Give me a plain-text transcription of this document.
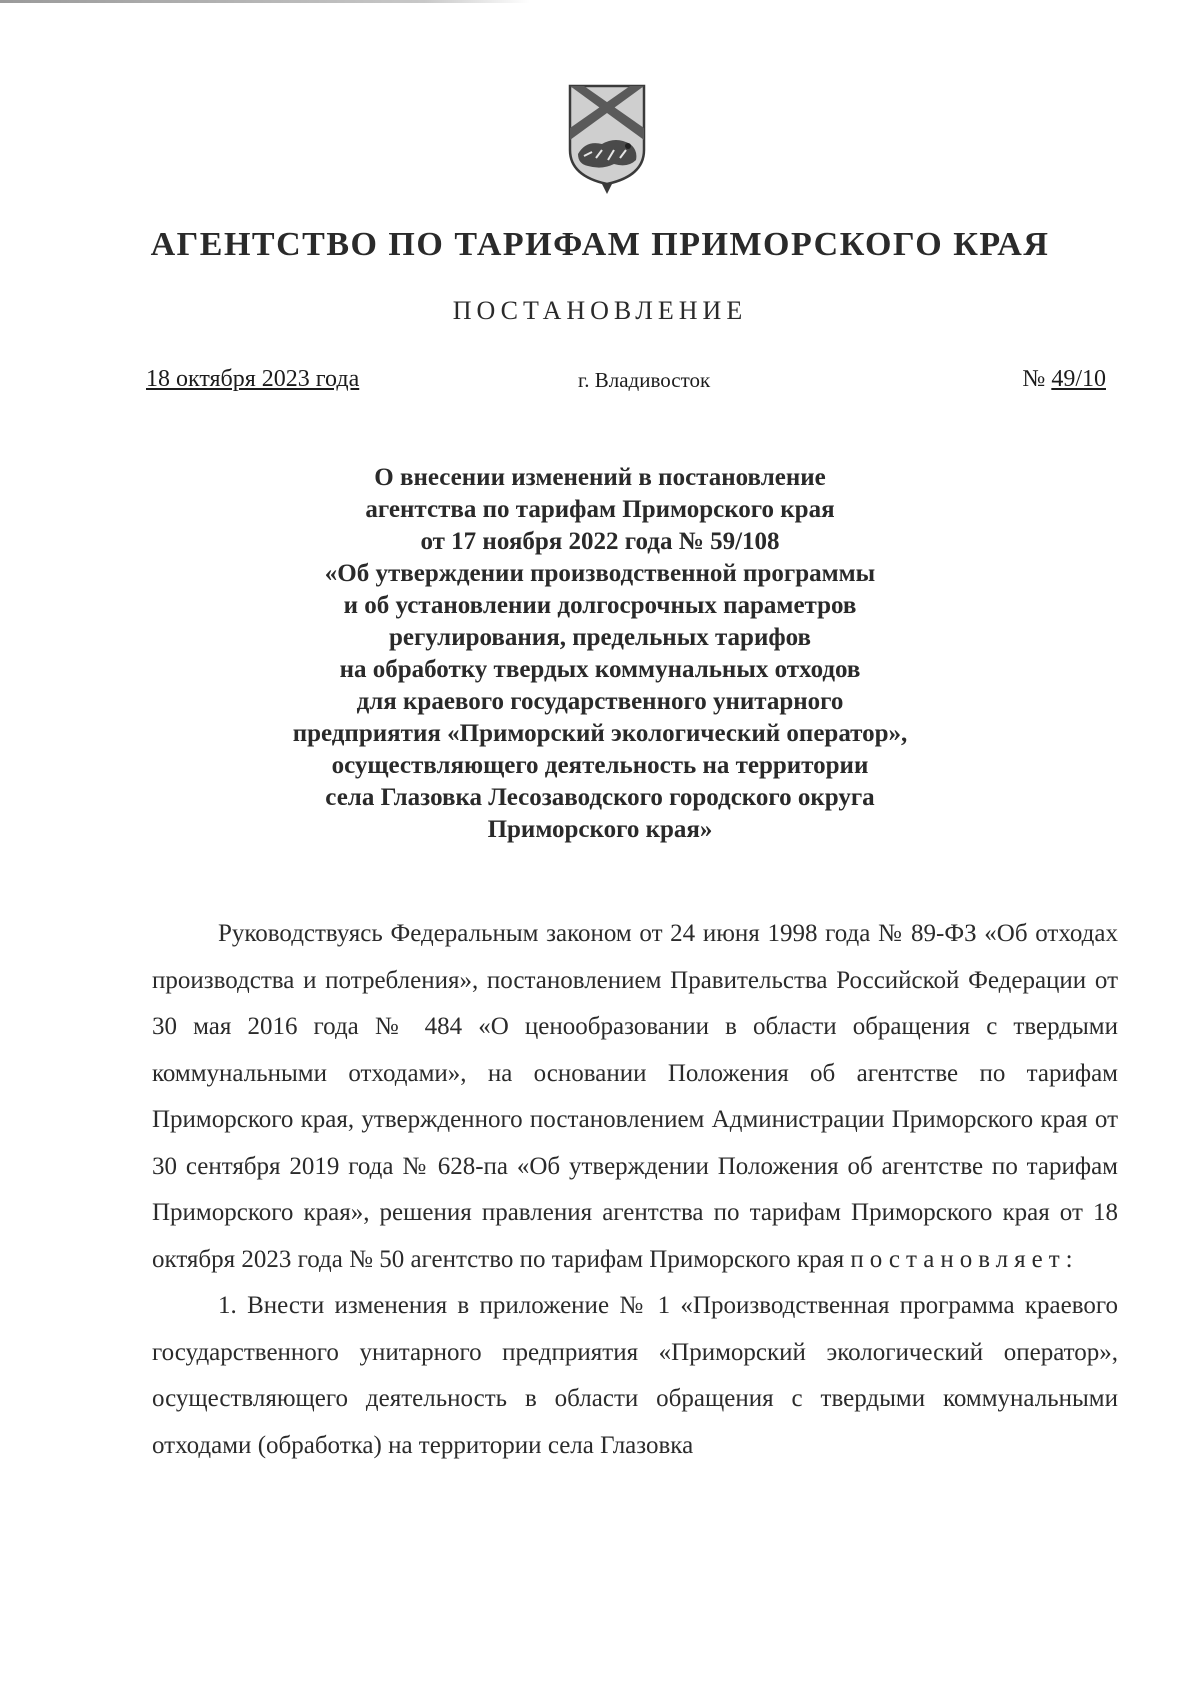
АГЕНТСТВО ПО ТАРИФАМ ПРИМОРСКОГО КРАЯ
ПОСТАНОВЛЕНИЕ
18 октября 2023 года	г. Владивосток	№ 49/10
О внесении изменений в постановление
агентства по тарифам Приморского края
от 17 ноября 2022 года № 59/108
«Об утверждении производственной программы
и об установлении долгосрочных параметров
регулирования, предельных тарифов
на обработку твердых коммунальных отходов
для краевого государственного унитарного
предприятия «Приморский экологический оператор»,
осуществляющего деятельность на территории
села Глазовка Лесозаводского городского округа
Приморского края»

Руководствуясь Федеральным законом от 24 июня 1998 года № 89-ФЗ «Об отходах производства и потребления», постановлением Правительства Российской Федерации от 30 мая 2016 года № 484 «О ценообразовании в области обращения с твердыми коммунальными отходами», на основании Положения об агентстве по тарифам Приморского края, утвержденного постановлением Администрации Приморского края от 30 сентября 2019 года № 628-па «Об утверждении Положения об агентстве по тарифам Приморского края», решения правления агентства по тарифам Приморского края от 18 октября 2023 года № 50 агентство по тарифам Приморского края постановляет:

1. Внести изменения в приложение № 1 «Производственная программа краевого государственного унитарного предприятия «Приморский экологический оператор», осуществляющего деятельность в области обращения с твердыми коммунальными отходами (обработка) на территории села Глазовка
